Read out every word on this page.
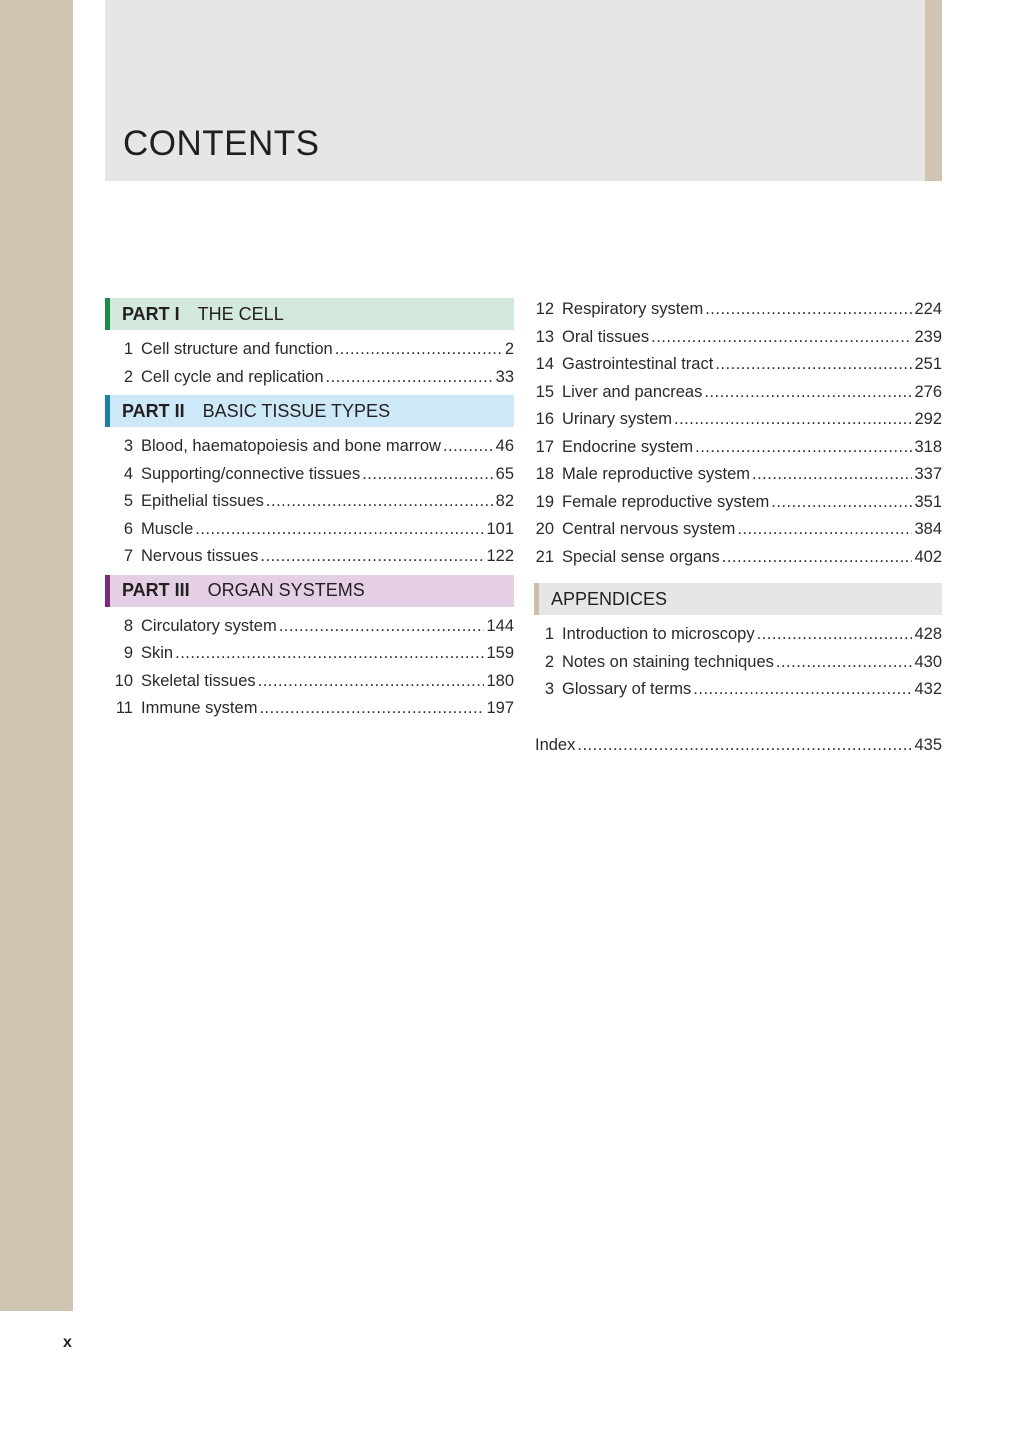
CONTENTS
PART I THE CELL
1 Cell structure and function .....	2
2 Cell cycle and replication .....	33
PART II BASIC TISSUE TYPES
3 Blood, haematopoiesis and bone marrow .....	46
4 Supporting/connective tissues .....	65
5 Epithelial tissues .....	82
6 Muscle .....	101
7 Nervous tissues .....	122
PART III ORGAN SYSTEMS
8 Circulatory system .....	144
9 Skin .....	159
10 Skeletal tissues .....	180
11 Immune system .....	197
12 Respiratory system .....	224
13 Oral tissues .....	239
14 Gastrointestinal tract .....	251
15 Liver and pancreas .....	276
16 Urinary system .....	292
17 Endocrine system .....	318
18 Male reproductive system .....	337
19 Female reproductive system .....	351
20 Central nervous system .....	384
21 Special sense organs .....	402
APPENDICES
1 Introduction to microscopy .....	428
2 Notes on staining techniques .....	430
3 Glossary of terms .....	432
Index .....	435
x
